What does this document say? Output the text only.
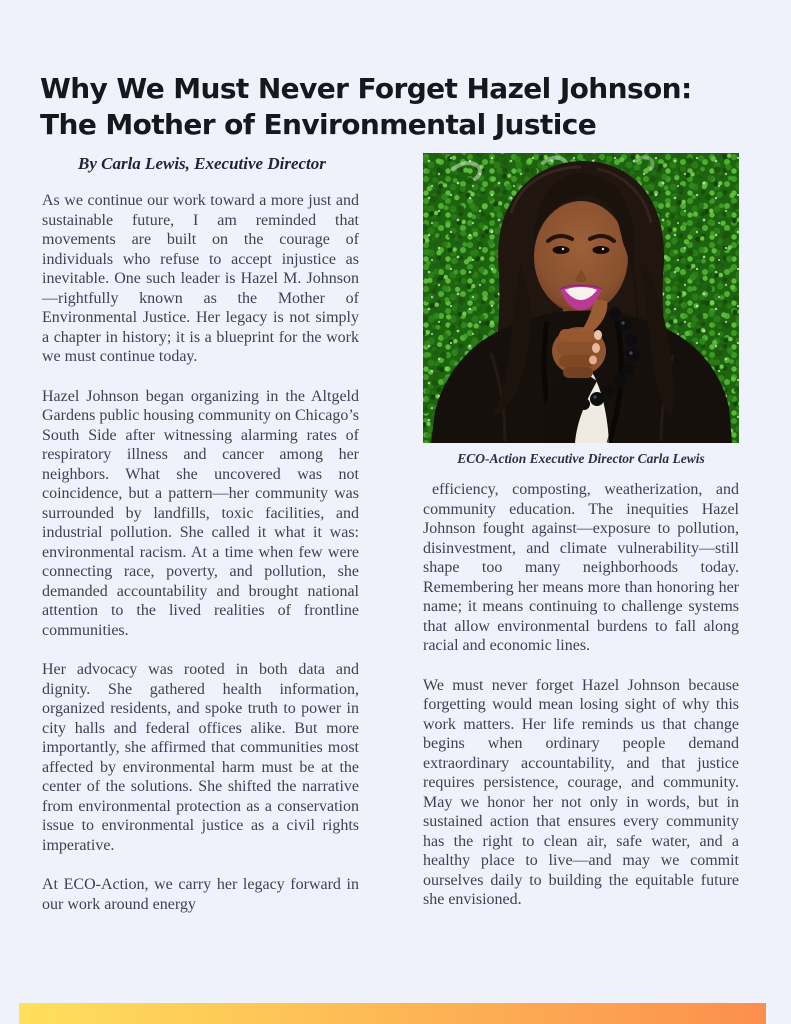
Why We Must Never Forget Hazel Johnson:
The Mother of Environmental Justice
By Carla Lewis, Executive Director

As we continue our work toward a more just and sustainable future, I am reminded that movements are built on the courage of individuals who refuse to accept injustice as inevitable. One such leader is Hazel M. Johnson—rightfully known as the Mother of Environmental Justice. Her legacy is not simply a chapter in history; it is a blueprint for the work we must continue today.

Hazel Johnson began organizing in the Altgeld Gardens public housing community on Chicago’s South Side after witnessing alarming rates of respiratory illness and cancer among her neighbors. What she uncovered was not coincidence, but a pattern—her community was surrounded by landfills, toxic facilities, and industrial pollution. She called it what it was: environmental racism. At a time when few were connecting race, poverty, and pollution, she demanded accountability and brought national attention to the lived realities of frontline communities.

Her advocacy was rooted in both data and dignity. She gathered health information, organized residents, and spoke truth to power in city halls and federal offices alike. But more importantly, she affirmed that communities most affected by environmental harm must be at the center of the solutions. She shifted the narrative from environmental protection as a conservation issue to environmental justice as a civil rights imperative.

At ECO-Action, we carry her legacy forward in our work around energy

ECO-Action Executive Director Carla Lewis

efficiency, composting, weatherization, and community education. The inequities Hazel Johnson fought against—exposure to pollution, disinvestment, and climate vulnerability—still shape too many neighborhoods today. Remembering her means more than honoring her name; it means continuing to challenge systems that allow environmental burdens to fall along racial and economic lines.

We must never forget Hazel Johnson because forgetting would mean losing sight of why this work matters. Her life reminds us that change begins when ordinary people demand extraordinary accountability, and that justice requires persistence, courage, and community. May we honor her not only in words, but in sustained action that ensures every community has the right to clean air, safe water, and a healthy place to live—and may we commit ourselves daily to building the equitable future she envisioned.
